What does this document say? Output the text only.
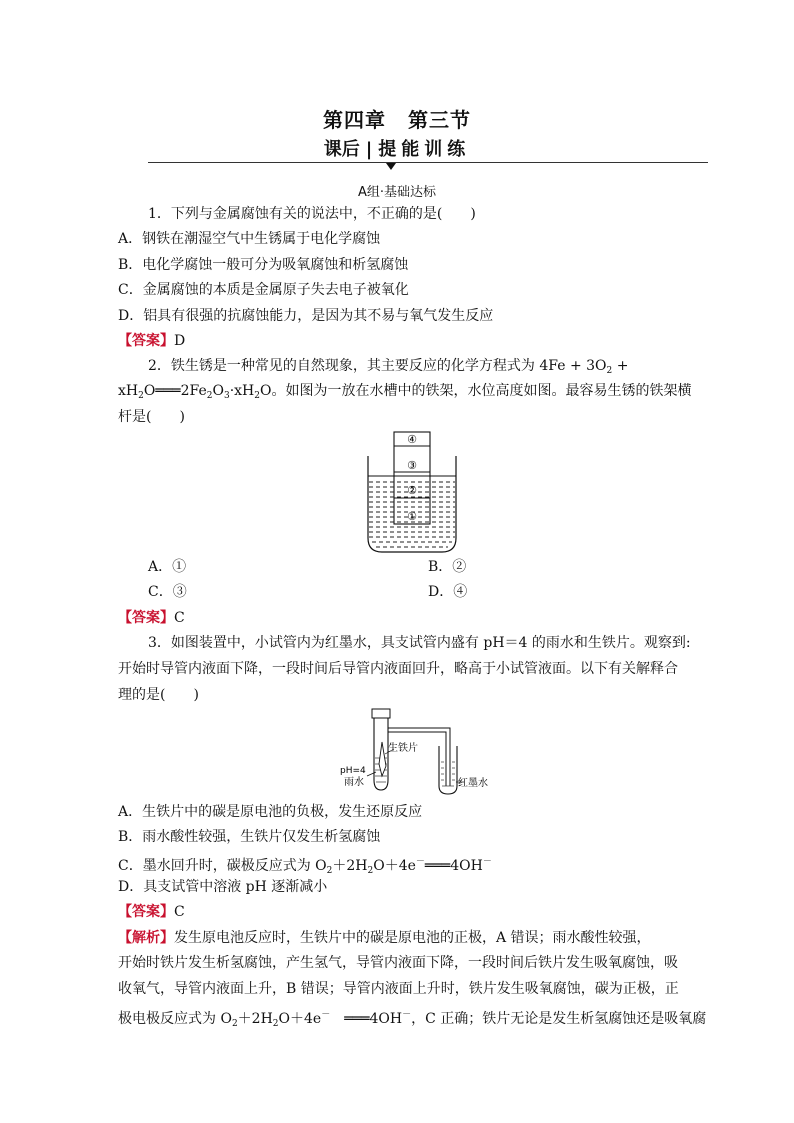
第四章 第三节
课后 | 提能训练
A组·基础达标
1．下列与金属腐蚀有关的说法中，不正确的是(　　)
A．钢铁在潮湿空气中生锈属于电化学腐蚀
B．电化学腐蚀一般可分为吸氧腐蚀和析氢腐蚀
C．金属腐蚀的本质是金属原子失去电子被氧化
D．铝具有很强的抗腐蚀能力，是因为其不易与氧气发生反应
【答案】D
2．铁生锈是一种常见的自然现象，其主要反应的化学方程式为 $4Fe + 3O_2$ +
$xH_2O═══2Fe_2O_3\cdot xH_2O$。如图为一放在水槽中的铁架，水位高度如图。最容易生锈的铁架横
杆是(　　)
④
③
②
①
A．①	B．②
C．③	D．④
【答案】C
3．如图装置中，小试管内为红墨水，具支试管内盛有 pH＝4 的雨水和生铁片。观察到:
开始时导管内液面下降，一段时间后导管内液面回升，略高于小试管液面。以下有关解释合
理的是(　　)
生铁片
pH=4
雨水	红墨水
A．生铁片中的碳是原电池的负极，发生还原反应
B．雨水酸性较强，生铁片仅发生析氢腐蚀
C．墨水回升时，碳极反应式为 $O_2+2H_2O+4e^-═══4OH^-$
D．具支试管中溶液 pH 逐渐减小
【答案】C
【解析】发生原电池反应时，生铁片中的碳是原电池的正极，A 错误；雨水酸性较强，
开始时铁片发生析氢腐蚀，产生氢气，导管内液面下降，一段时间后铁片发生吸氧腐蚀，吸
收氧气，导管内液面上升，B 错误；导管内液面上升时，铁片发生吸氧腐蚀，碳为正极，正
极电极反应式为 $O_2+2H_2O+4e^-$　═══4OH－，C 正确；铁片无论是发生析氢腐蚀还是吸氧腐
